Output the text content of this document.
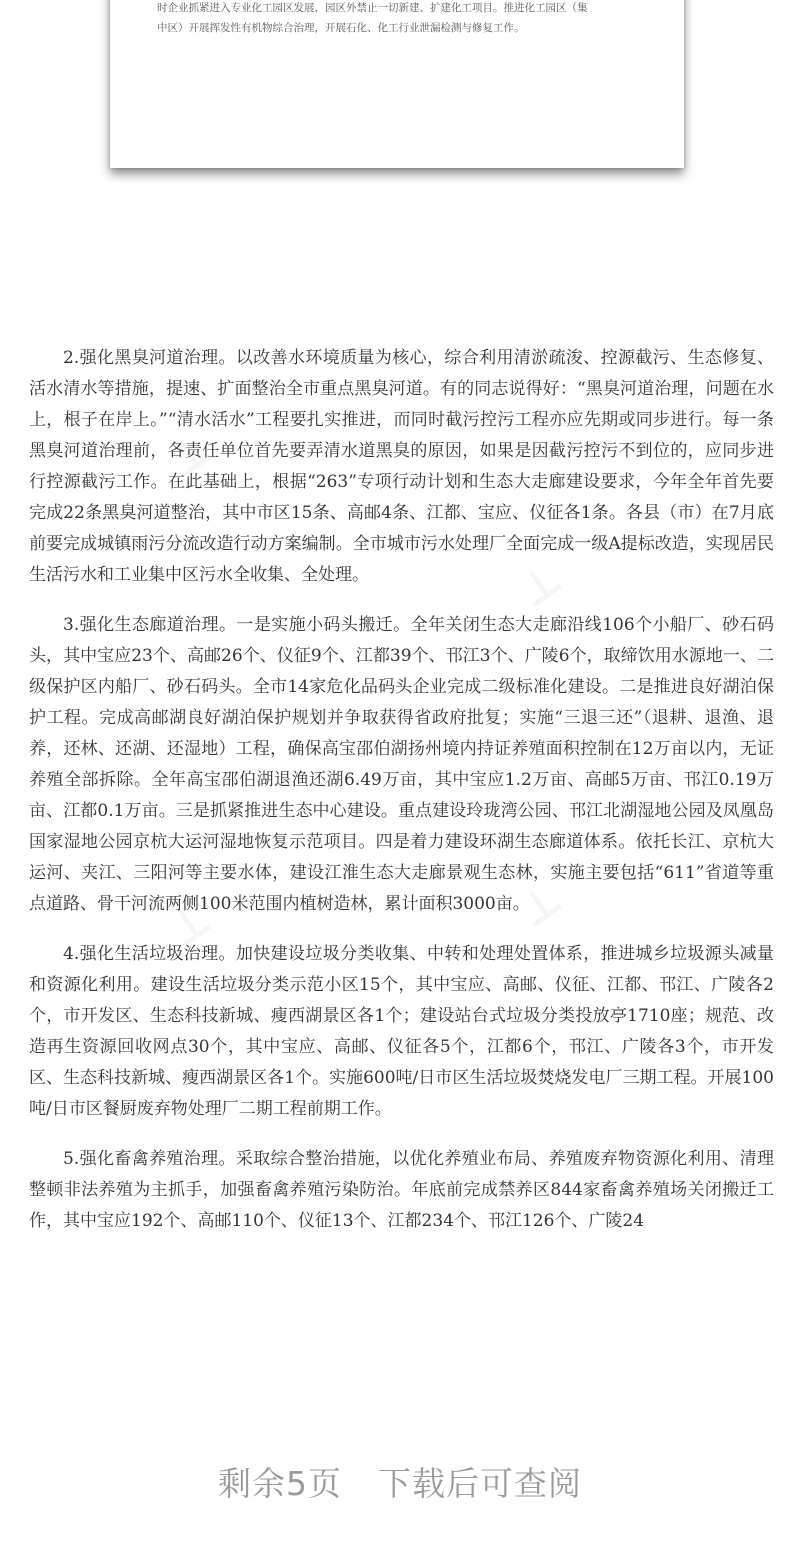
时企业抓紧进入专业化工园区发展，园区外禁止一切新建、扩建化工项目。推进化工园区（集

中区）开展挥发性有机物综合治理，开展石化、化工行业泄漏检测与修复工作。

2.强化黑臭河道治理。以改善水环境质量为核心，综合利用清淤疏浚、控源截污、生态修复、活水清水等措施，提速、扩面整治全市重点黑臭河道。有的同志说得好：“黑臭河道治理，问题在水上，根子在岸上。”“清水活水”工程要扎实推进，而同时截污控污工程亦应先期或同步进行。每一条黑臭河道治理前，各责任单位首先要弄清水道黑臭的原因，如果是因截污控污不到位的，应同步进行控源截污工作。在此基础上，根据“263”专项行动计划和生态大走廊建设要求，今年全年首先要完成22条黑臭河道整治，其中市区15条、高邮4条、江都、宝应、仪征各1条。各县（市）在7月底前要完成城镇雨污分流改造行动方案编制。全市城市污水处理厂全面完成一级A提标改造，实现居民生活污水和工业集中区污水全收集、全处理。

3.强化生态廊道治理。一是实施小码头搬迁。全年关闭生态大走廊沿线106个小船厂、砂石码头，其中宝应23个、高邮26个、仪征9个、江都39个、邗江3个、广陵6个，取缔饮用水源地一、二级保护区内船厂、砂石码头。全市14家危化品码头企业完成二级标准化建设。二是推进良好湖泊保护工程。完成高邮湖良好湖泊保护规划并争取获得省政府批复；实施“三退三还”（退耕、退渔、退养，还林、还湖、还湿地）工程，确保高宝邵伯湖扬州境内持证养殖面积控制在12万亩以内，无证养殖全部拆除。全年高宝邵伯湖退渔还湖6.49万亩，其中宝应1.2万亩、高邮5万亩、邗江0.19万亩、江都0.1万亩。三是抓紧推进生态中心建设。重点建设玲珑湾公园、邗江北湖湿地公园及凤凰岛国家湿地公园京杭大运河湿地恢复示范项目。四是着力建设环湖生态廊道体系。依托长江、京杭大运河、夹江、三阳河等主要水体，建设江淮生态大走廊景观生态林，实施主要包括“611”省道等重点道路、骨干河流两侧100米范围内植树造林，累计面积3000亩。

4.强化生活垃圾治理。加快建设垃圾分类收集、中转和处理处置体系，推进城乡垃圾源头减量和资源化利用。建设生活垃圾分类示范小区15个，其中宝应、高邮、仪征、江都、邗江、广陵各2个，市开发区、生态科技新城、瘦西湖景区各1个；建设站台式垃圾分类投放亭1710座；规范、改造再生资源回收网点30个，其中宝应、高邮、仪征各5个，江都6个，邗江、广陵各3个，市开发区、生态科技新城、瘦西湖景区各1个。实施600吨/日市区生活垃圾焚烧发电厂三期工程。开展100吨/日市区餐厨废弃物处理厂二期工程前期工作。

5.强化畜禽养殖治理。采取综合整治措施，以优化养殖业布局、养殖废弃物资源化利用、清理整顿非法养殖为主抓手，加强畜禽养殖污染防治。年底前完成禁养区844家畜禽养殖场关闭搬迁工作，其中宝应192个、高邮110个、仪征13个、江都234个、邗江126个、广陵24

剩余5页 下载后可查阅
